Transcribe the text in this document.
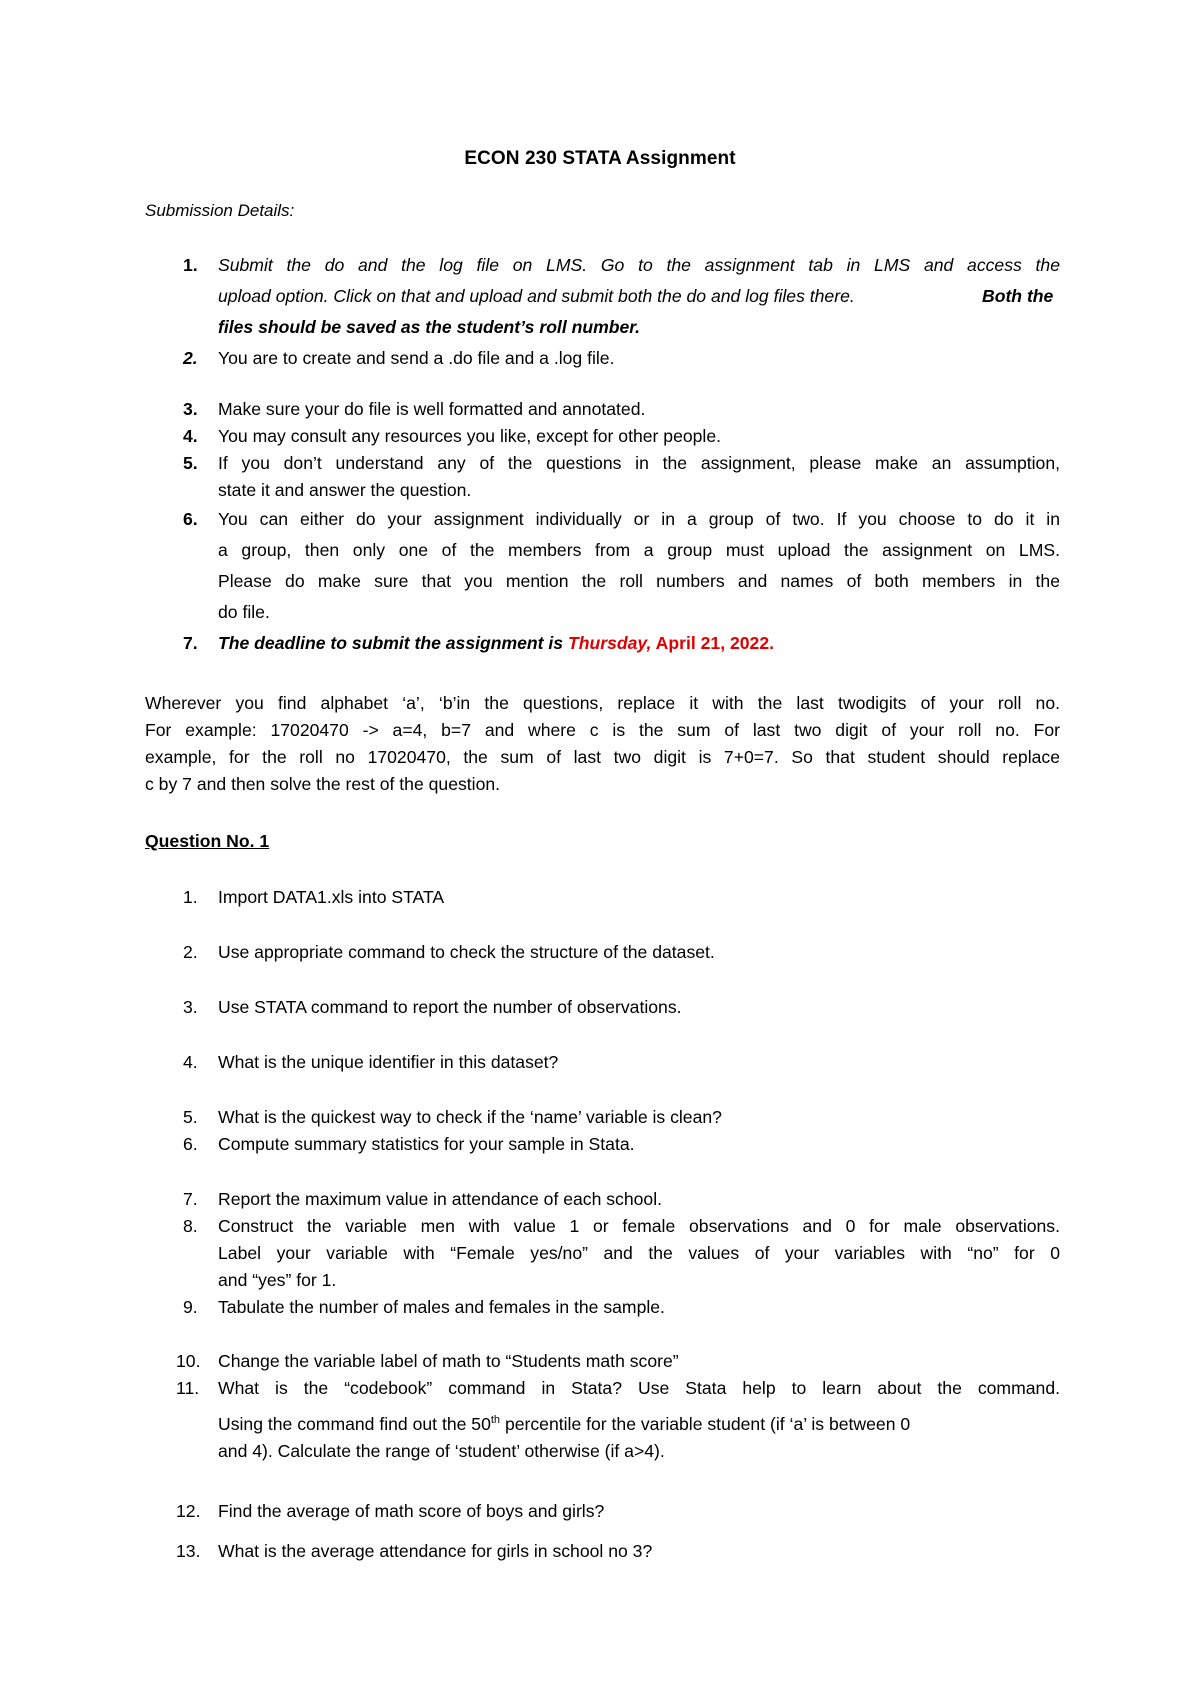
ECON 230 STATA Assignment
Submission Details:
1.	Submit the do and the log file on LMS. Go to the assignment tab in LMS and access the
upload option. Click on that and upload and submit both the do and log files there.	Both the
files should be saved as the student’s roll number.
2.	You are to create and send a .do file and a .log file.
3.	Make sure your do file is well formatted and annotated.
4.	You may consult any resources you like, except for other people.
5.	If you don’t understand any of the questions in the assignment, please make an assumption,
state it and answer the question.
6.	You can either do your assignment individually or in a group of two. If you choose to do it in
a group, then only one of the members from a group must upload the assignment on LMS.
Please do make sure that you mention the roll numbers and names of both members in the
do file.
7.	The deadline to submit the assignment is Thursday, April 21, 2022.
Wherever you find alphabet ‘a’, ‘b’in the questions, replace it with the last twodigits of your roll no.
For example: 17020470 -> a=4, b=7 and where c is the sum of last two digit of your roll no. For
example, for the roll no 17020470, the sum of last two digit is 7+0=7. So that student should replace
c by 7 and then solve the rest of the question.
Question No. 1
1.	Import DATA1.xls into STATA
2.	Use appropriate command to check the structure of the dataset.
3.	Use STATA command to report the number of observations.
4.	What is the unique identifier in this dataset?
5.	What is the quickest way to check if the ‘name’ variable is clean?
6.	Compute summary statistics for your sample in Stata.
7.	Report the maximum value in attendance of each school.
8.	Construct the variable men with value 1 or female observations and 0 for male observations.
Label your variable with “Female yes/no” and the values of your variables with “no” for 0
and “yes” for 1.
9.	Tabulate the number of males and females in the sample.
10. Change the variable label of math to “Students math score”
11.	What is the “codebook” command in Stata? Use Stata help to learn about the command.
Using the command find out the 50th percentile for the variable student (if ‘a’ is between 0
and 4). Calculate the range of ‘student’ otherwise (if a>4).
12. Find the average of math score of boys and girls?
13. What is the average attendance for girls in school no 3?
